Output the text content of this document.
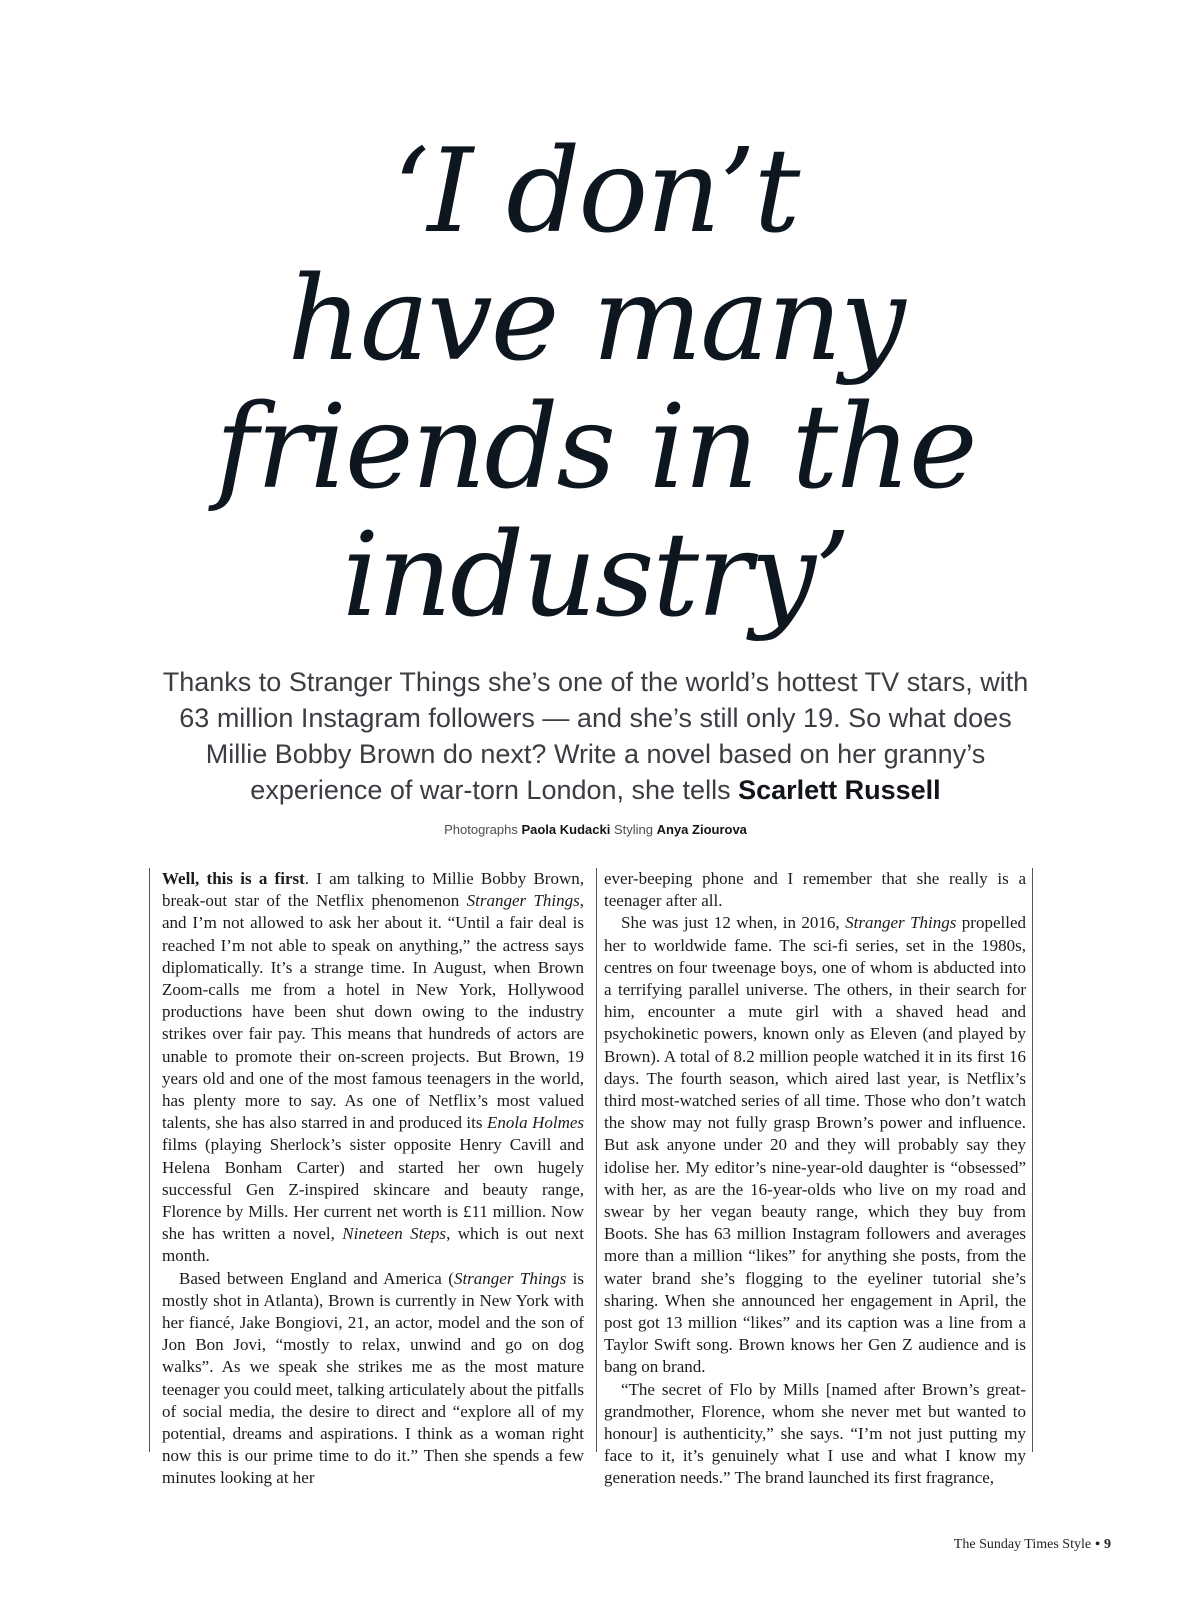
‘I don’t
have many
friends in the
industry’

Thanks to Stranger Things she’s one of the world’s hottest TV stars, with 63 million Instagram followers — and she’s still only 19. So what does Millie Bobby Brown do next? Write a novel based on her granny’s experience of war-torn London, she tells Scarlett Russell

Photographs Paola Kudacki Styling Anya Ziourova

Well, this is a first. I am talking to Millie Bobby Brown, break-out star of the Netflix phenomenon Stranger Things, and I’m not allowed to ask her about it. “Until a fair deal is reached I’m not able to speak on anything,” the actress says diplomatically. It’s a strange time. In August, when Brown Zoom-calls me from a hotel in New York, Hollywood productions have been shut down owing to the industry strikes over fair pay. This means that hundreds of actors are unable to promote their on-screen projects. But Brown, 19 years old and one of the most famous teenagers in the world, has plenty more to say. As one of Netflix’s most valued talents, she has also starred in and produced its Enola Holmes films (playing Sherlock’s sister opposite Henry Cavill and Helena Bonham Carter) and started her own hugely successful Gen Z-inspired skincare and beauty range, Florence by Mills. Her current net worth is £11 million. Now she has written a novel, Nineteen Steps, which is out next month.

Based between England and America (Stranger Things is mostly shot in Atlanta), Brown is currently in New York with her fiancé, Jake Bongiovi, 21, an actor, model and the son of Jon Bon Jovi, “mostly to relax, unwind and go on dog walks”. As we speak she strikes me as the most mature teenager you could meet, talking articulately about the pitfalls of social media, the desire to direct and “explore all of my potential, dreams and aspirations. I think as a woman right now this is our prime time to do it.” Then she spends a few minutes looking at her

ever-beeping phone and I remember that she really is a teenager after all.

She was just 12 when, in 2016, Stranger Things propelled her to worldwide fame. The sci-fi series, set in the 1980s, centres on four tweenage boys, one of whom is abducted into a terrifying parallel universe. The others, in their search for him, encounter a mute girl with a shaved head and psychokinetic powers, known only as Eleven (and played by Brown). A total of 8.2 million people watched it in its first 16 days. The fourth season, which aired last year, is Netflix’s third most-watched series of all time. Those who don’t watch the show may not fully grasp Brown’s power and influence. But ask anyone under 20 and they will probably say they idolise her. My editor’s nine-year-old daughter is “obsessed” with her, as are the 16-year-olds who live on my road and swear by her vegan beauty range, which they buy from Boots. She has 63 million Instagram followers and averages more than a million “likes” for anything she posts, from the water brand she’s flogging to the eyeliner tutorial she’s sharing. When she announced her engagement in April, the post got 13 million “likes” and its caption was a line from a Taylor Swift song. Brown knows her Gen Z audience and is bang on brand.

“The secret of Flo by Mills [named after Brown’s great-grandmother, Florence, whom she never met but wanted to honour] is authenticity,” she says. “I’m not just putting my face to it, it’s genuinely what I use and what I know my generation needs.” The brand launched its first fragrance,

The Sunday Times Style • 9
